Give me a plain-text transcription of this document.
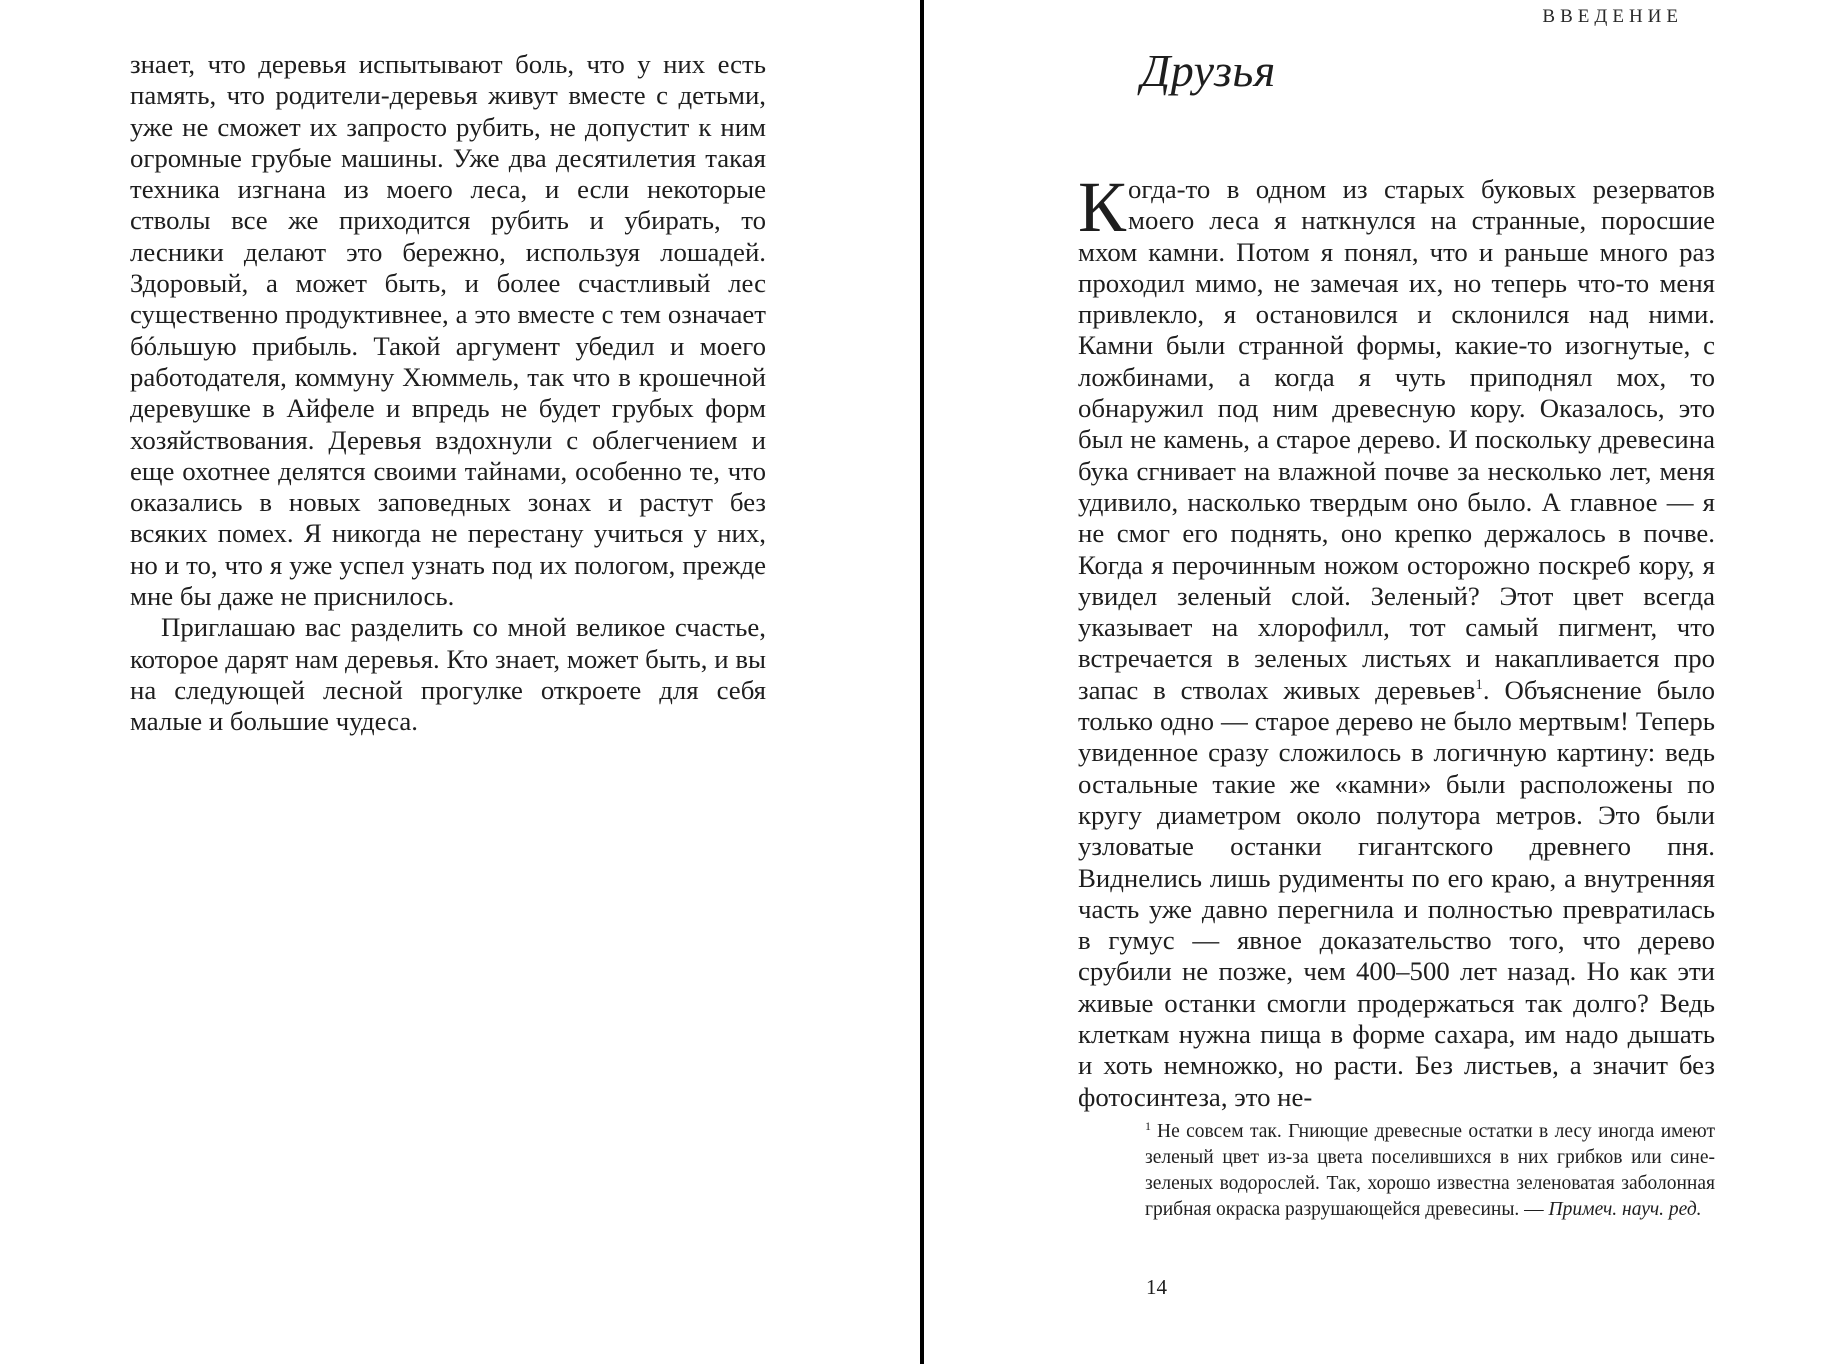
ВВЕДЕНИЕ

знает, что деревья испытывают боль, что у них есть память, что родители-деревья живут вместе с детьми, уже не сможет их запросто рубить, не допустит к ним огромные грубые машины. Уже два десятилетия такая техника изгнана из моего леса, и если некоторые стволы все же приходится рубить и убирать, то лесники делают это бережно, используя лошадей. Здоровый, а может быть, и более счастливый лес существенно продуктивнее, а это вместе с тем означает бóльшую прибыль. Такой аргумент убедил и моего работодателя, коммуну Хюммель, так что в крошечной деревушке в Айфеле и впредь не будет грубых форм хозяйствования. Деревья вздохнули с облегчением и еще охотнее делятся своими тайнами, особенно те, что оказались в новых заповедных зонах и растут без всяких помех. Я никогда не перестану учиться у них, но и то, что я уже успел узнать под их пологом, прежде мне бы даже не приснилось.

Приглашаю вас разделить со мной великое счастье, которое дарят нам деревья. Кто знает, может быть, и вы на следующей лесной прогулке откроете для себя малые и большие чудеса.

Друзья

Когда-то в одном из старых буковых резерватов моего леса я наткнулся на странные, поросшие мхом камни. Потом я понял, что и раньше много раз проходил мимо, не замечая их, но теперь что-то меня привлекло, я остановился и склонился над ними. Камни были странной формы, какие-то изогнутые, с ложбинами, а когда я чуть приподнял мох, то обнаружил под ним древесную кору. Оказалось, это был не камень, а старое дерево. И поскольку древесина бука сгнивает на влажной почве за несколько лет, меня удивило, насколько твердым оно было. А главное — я не смог его поднять, оно крепко держалось в почве. Когда я перочинным ножом осторожно поскреб кору, я увидел зеленый слой. Зеленый? Этот цвет всегда указывает на хлорофилл, тот самый пигмент, что встречается в зеленых листьях и накапливается про запас в стволах живых деревьев$^1$. Объяснение было только одно — старое дерево не было мертвым! Теперь увиденное сразу сложилось в логичную картину: ведь остальные такие же «камни» были расположены по кругу диаметром около полутора метров. Это были узловатые останки гигантского древнего пня. Виднелись лишь рудименты по его краю, а внутренняя часть уже давно перегнила и полностью превратилась в гумус — явное доказательство того, что дерево срубили не позже, чем 400–500 лет назад. Но как эти живые останки смогли продержаться так долго? Ведь клеткам нужна пища в форме сахара, им надо дышать и хоть немножко, но расти. Без листьев, а значит без фотосинтеза, это не-

$^1$ Не совсем так. Гниющие древесные остатки в лесу иногда имеют зеленый цвет из-за цвета поселившихся в них грибков или сине-зеленых водорослей. Так, хорошо известна зеленоватая заболонная грибная окраска разрушающейся древесины. — Примеч. науч. ред.

14
